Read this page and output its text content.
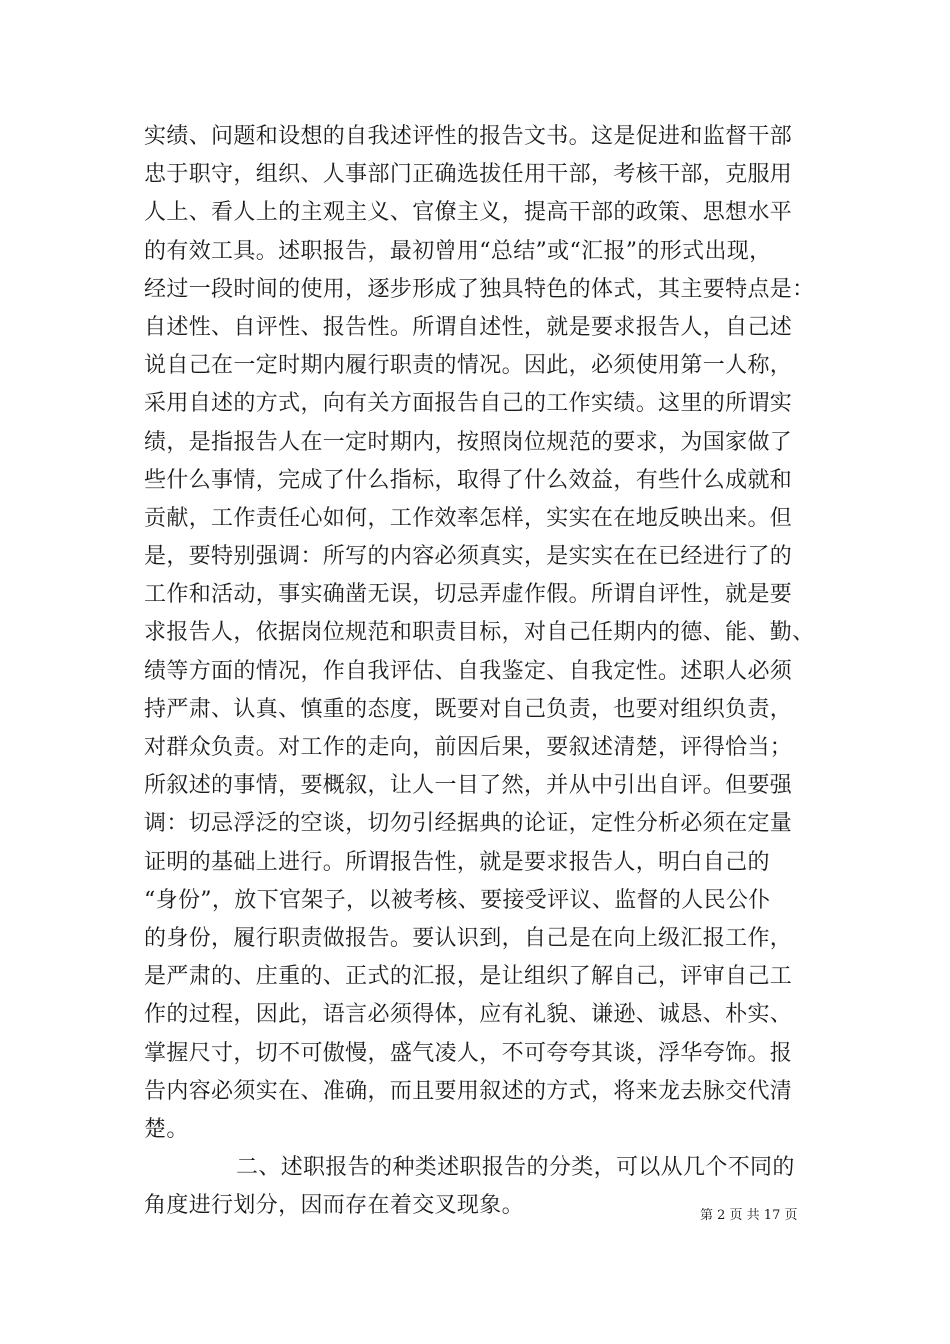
实绩、问题和设想的自我述评性的报告文书。这是促进和监督干部
忠于职守，组织、人事部门正确选拔任用干部，考核干部，克服用
人上、看人上的主观主义、官僚主义，提高干部的政策、思想水平
的有效工具。述职报告，最初曾用“总结”或“汇报”的形式出现，
经过一段时间的使用，逐步形成了独具特色的体式，其主要特点是：
自述性、自评性、报告性。所谓自述性，就是要求报告人，自己述
说自己在一定时期内履行职责的情况。因此，必须使用第一人称，
采用自述的方式，向有关方面报告自己的工作实绩。这里的所谓实
绩，是指报告人在一定时期内，按照岗位规范的要求，为国家做了
些什么事情，完成了什么指标，取得了什么效益，有些什么成就和
贡献，工作责任心如何，工作效率怎样，实实在在地反映出来。但
是，要特别强调：所写的内容必须真实，是实实在在已经进行了的
工作和活动，事实确凿无误，切忌弄虚作假。所谓自评性，就是要
求报告人，依据岗位规范和职责目标，对自己任期内的德、能、勤、
绩等方面的情况，作自我评估、自我鉴定、自我定性。述职人必须
持严肃、认真、慎重的态度，既要对自己负责，也要对组织负责，
对群众负责。对工作的走向，前因后果，要叙述清楚，评得恰当；
所叙述的事情，要概叙，让人一目了然，并从中引出自评。但要强
调：切忌浮泛的空谈，切勿引经据典的论证，定性分析必须在定量
证明的基础上进行。所谓报告性，就是要求报告人，明白自己的
“身份”，放下官架子，以被考核、要接受评议、监督的人民公仆
的身份，履行职责做报告。要认识到，自己是在向上级汇报工作，
是严肃的、庄重的、正式的汇报，是让组织了解自己，评审自己工
作的过程，因此，语言必须得体，应有礼貌、谦逊、诚恳、朴实、
掌握尺寸，切不可傲慢，盛气凌人，不可夸夸其谈，浮华夸饰。报
告内容必须实在、准确，而且要用叙述的方式，将来龙去脉交代清
楚。
二、述职报告的种类述职报告的分类，可以从几个不同的
角度进行划分，因而存在着交叉现象。	第 2 页 共 17 页
